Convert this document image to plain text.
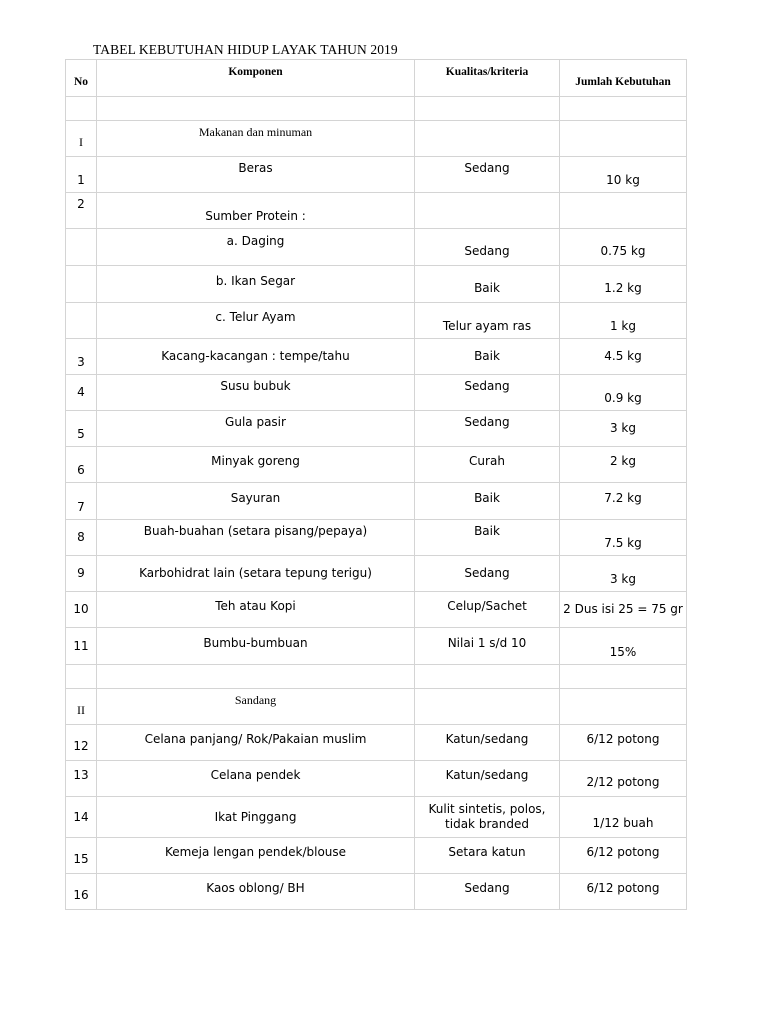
TABEL KEBUTUHAN HIDUP LAYAK TAHUN 2019
No	Komponen	Kualitas/kriteria	Jumlah Kebutuhan

I	Makanan dan minuman		
1	Beras	Sedang	10 kg
2	Sumber Protein :		
	a. Daging	Sedang	0.75 kg
	b. Ikan Segar	Baik	1.2 kg
	c. Telur Ayam	Telur ayam ras	1 kg
3	Kacang-kacangan : tempe/tahu	Baik	4.5 kg
4	Susu bubuk	Sedang	0.9 kg
5	Gula pasir	Sedang	3 kg
6	Minyak goreng	Curah	2 kg
7	Sayuran	Baik	7.2 kg
8	Buah-buahan (setara pisang/pepaya)	Baik	7.5 kg
9	Karbohidrat lain (setara tepung terigu)	Sedang	3 kg
10	Teh atau Kopi	Celup/Sachet	2 Dus isi 25 = 75 gr
11	Bumbu-bumbuan	Nilai 1 s/d 10	15%

II	Sandang		
12	Celana panjang/ Rok/Pakaian muslim	Katun/sedang	6/12 potong
13	Celana pendek	Katun/sedang	2/12 potong
14	Ikat Pinggang	Kulit sintetis, polos, tidak branded	1/12 buah
15	Kemeja lengan pendek/blouse	Setara katun	6/12 potong
16	Kaos oblong/ BH	Sedang	6/12 potong
